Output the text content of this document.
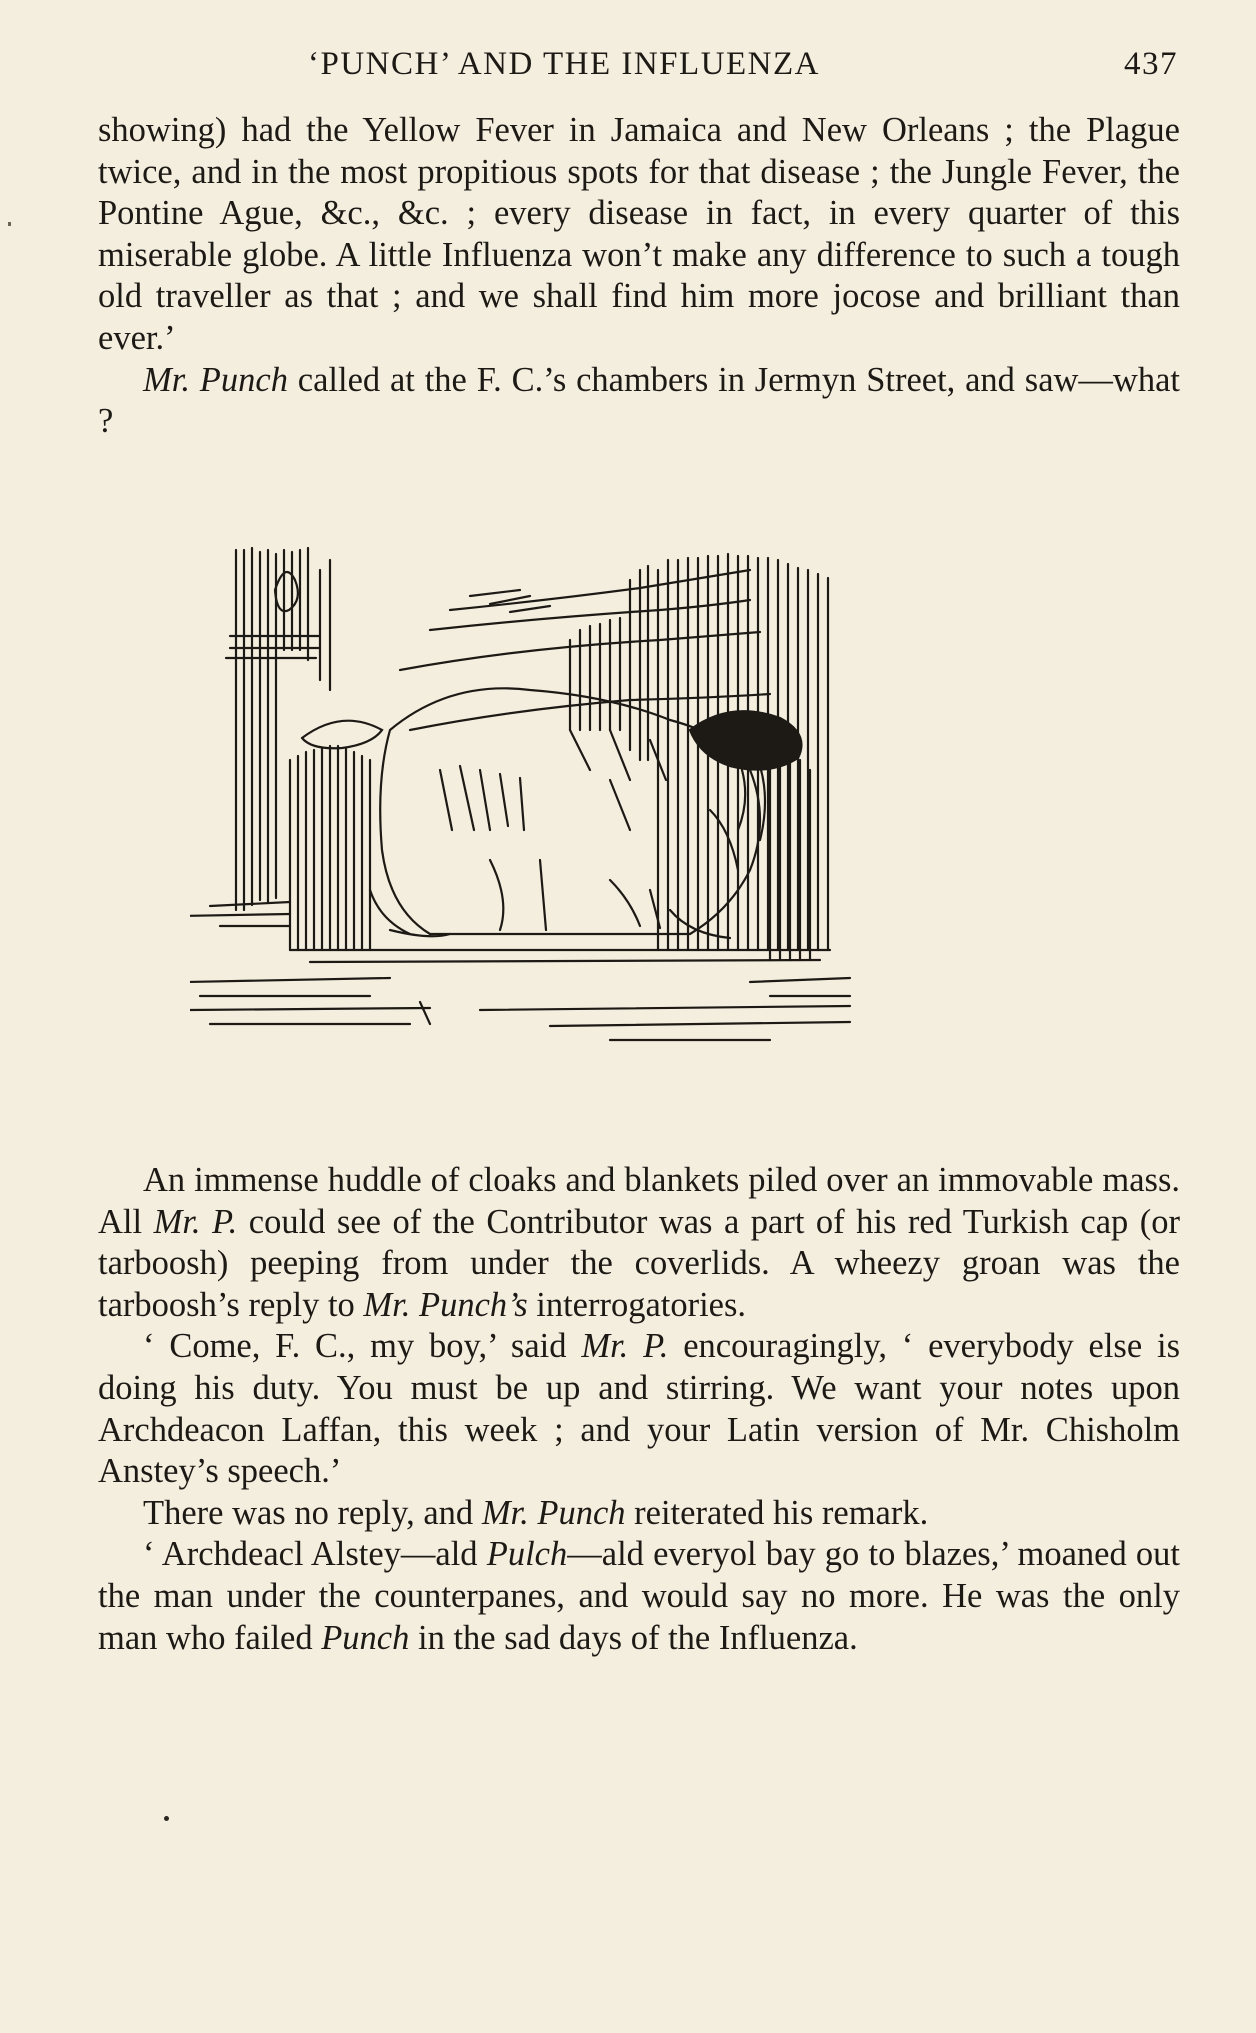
‘PUNCH’ AND THE INFLUENZA	437

showing) had the Yellow Fever in Jamaica and New Orleans ; the Plague twice, and in the most propitious spots for that disease ; the Jungle Fever, the Pontine Ague, &c., &c. ; every disease in fact, in every quarter of this miserable globe. A little Influenza won’t make any difference to such a tough old traveller as that ; and we shall find him more jocose and brilliant than ever.’

Mr. Punch called at the F. C.’s chambers in Jermyn Street, and saw—what ?

An immense huddle of cloaks and blankets piled over an immovable mass. All Mr. P. could see of the Contributor was a part of his red Turkish cap (or tarboosh) peeping from under the coverlids. A wheezy groan was the tarboosh’s reply to Mr. Punch’s interrogatories.

‘ Come, F. C., my boy,’ said Mr. P. encouragingly, ‘ everybody else is doing his duty. You must be up and stirring. We want your notes upon Archdeacon Laffan, this week ; and your Latin version of Mr. Chisholm Anstey’s speech.’

There was no reply, and Mr. Punch reiterated his remark.

‘ Archdeacl Alstey—ald Pulch—ald everyol bay go to blazes,’ moaned out the man under the counterpanes, and would say no more. He was the only man who failed Punch in the sad days of the Influenza.
